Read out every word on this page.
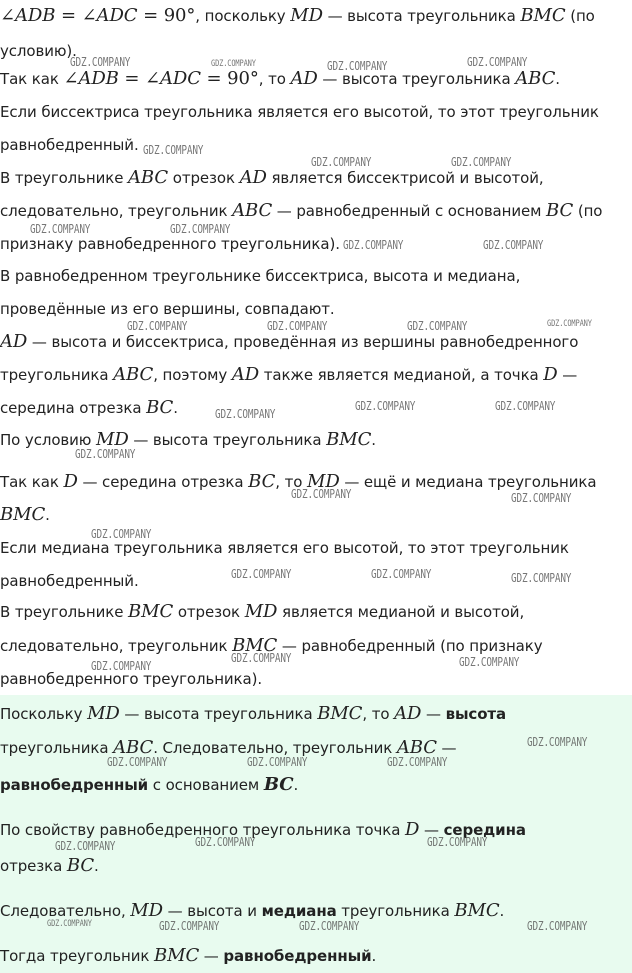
∠ADB = ∠ADC = 90°, поскольку MD — высота треугольника BMC (по
условию).
Так как ∠ADB = ∠ADC = 90°, то AD — высота треугольника ABC.
Если биссектриса треугольника является его высотой, то этот треугольник
равнобедренный.
В треугольнике ABC отрезок AD является биссектрисой и высотой,
следовательно, треугольник ABC — равнобедренный с основанием BC (по
признаку равнобедренного треугольника).
В равнобедренном треугольнике биссектриса, высота и медиана,
проведённые из его вершины, совпадают.
AD — высота и биссектриса, проведённая из вершины равнобедренного
треугольника ABC, поэтому AD также является медианой, а точка D —
середина отрезка BC.
По условию MD — высота треугольника BMC.
Так как D — середина отрезка BC, то MD — ещё и медиана треугольника
BMC.
Если медиана треугольника является его высотой, то этот треугольник
равнобедренный.
В треугольнике BMC отрезок MD является медианой и высотой,
следовательно, треугольник BMC — равнобедренный (по признаку
равнобедренного треугольника).
Поскольку MD — высота треугольника BMC, то AD — высота
треугольника ABC. Следовательно, треугольник ABC —
равнобедренный с основанием BC.
По свойству равнобедренного треугольника точка D — середина
отрезка BC.
Следовательно, MD — высота и медиана треугольника BMC.
Тогда треугольник BMC — равнобедренный.
GDZ.COMPANY	GDZ.COMPANY	GDZ.COMPANY	GDZ.COMPANY
GDZ.COMPANY
GDZ.COMPANY	GDZ.COMPANY
GDZ.COMPANY	GDZ.COMPANY
GDZ.COMPANY	GDZ.COMPANY
GDZ.COMPANY	GDZ.COMPANY	GDZ.COMPANY	GDZ.COMPANY
GDZ.COMPANY
GDZ.COMPANY	GDZ.COMPANY
GDZ.COMPANY
GDZ.COMPANY	GDZ.COMPANY
GDZ.COMPANY
GDZ.COMPANY	GDZ.COMPANY	GDZ.COMPANY
GDZ.COMPANY
GDZ.COMPANY	GDZ.COMPANY
GDZ.COMPANY
GDZ.COMPANY	GDZ.COMPANY	GDZ.COMPANY
GDZ.COMPANY	GDZ.COMPANY	GDZ.COMPANY
GDZ.COMPANY	GDZ.COMPANY	GDZ.COMPANY	GDZ.COMPANY
